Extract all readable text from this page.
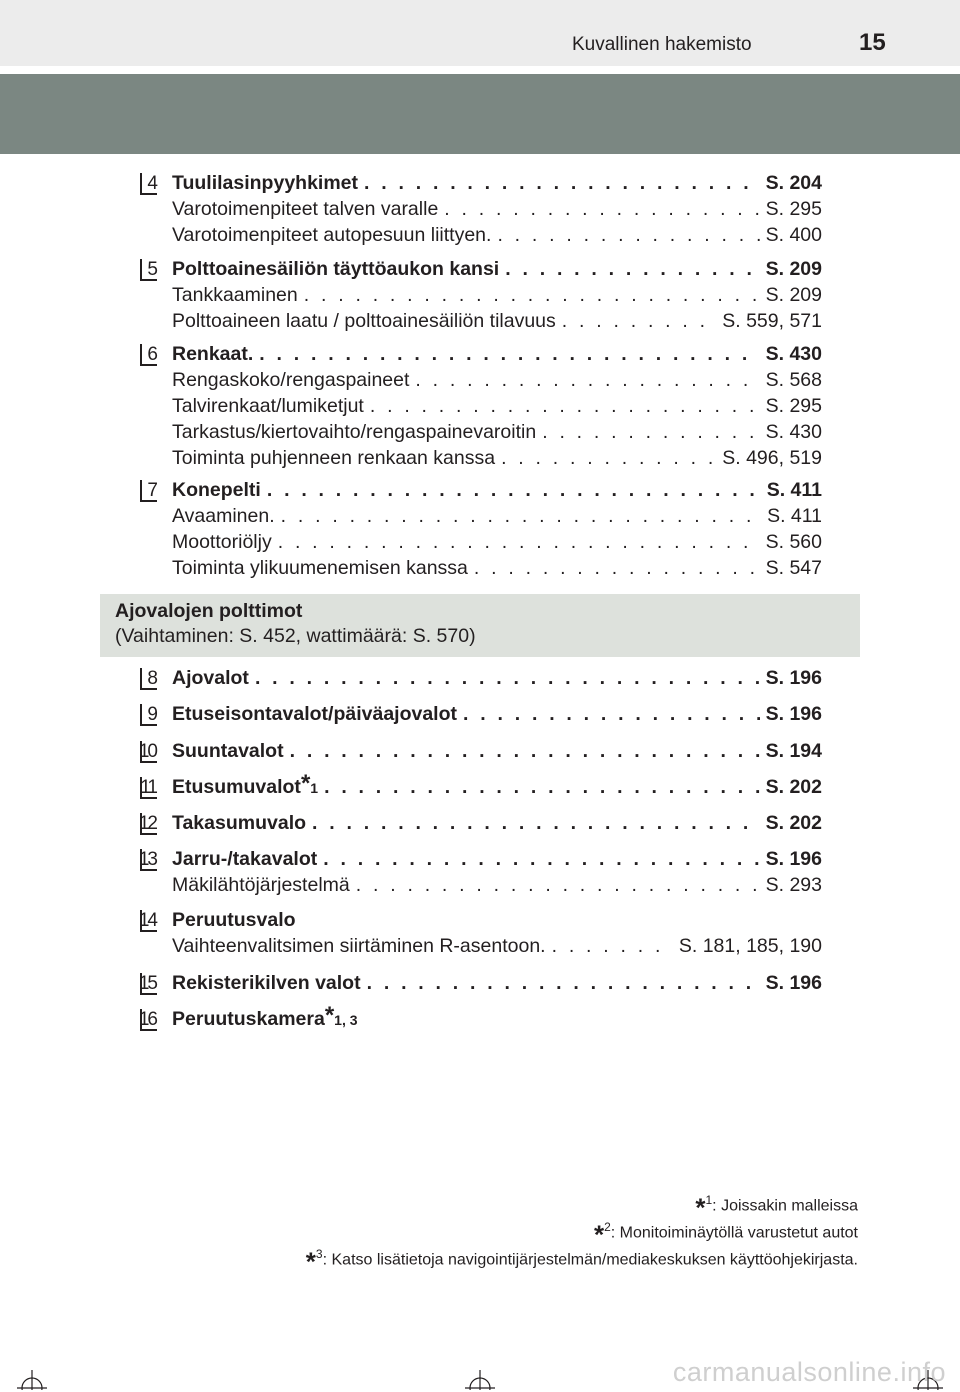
Kuvallinen hakemisto	15
Ajovalojen polttimot
(Vaihtaminen: S. 452, wattimäärä: S. 570)
4 Tuulilasinpyyhkimet . . .	S. 204
Varotoimenpiteet talven varalle . . .	S. 295
Varotoimenpiteet autopesuun liittyen. . . .	S. 400
5 Polttoainesäiliön täyttöaukon kansi . . .	S. 209
Tankkaaminen . . .	S. 209
Polttoaineen laatu / polttoainesäiliön tilavuus . . .	S. 559, 571
6 Renkaat. . . .	S. 430
Rengaskoko/rengaspaineet . . .	S. 568
Talvirenkaat/lumiketjut . . .	S. 295
Tarkastus/kiertovaihto/rengaspainevaroitin . . .	S. 430
Toiminta puhjenneen renkaan kanssa . . .	S. 496, 519
7 Konepelti . . .	S. 411
Avaaminen. . . .	S. 411
Moottoriöljy . . .	S. 560
Toiminta ylikuumenemisen kanssa . . .	S. 547
8 Ajovalot . . .	S. 196
9 Etuseisontavalot/päiväajovalot . . .	S. 196
10 Suuntavalot . . .	S. 194
11 Etusumuvalot $*_1$ . . .	S. 202
12 Takasumuvalo . . .	S. 202
13 Jarru-/takavalot . . .	S. 196
Mäkilähtöjärjestelmä . . .	S. 293
14 Peruutusvalo
Vaihteenvalitsimen siirtäminen R-asentoon. . . .	S. 181, 185, 190
15 Rekisterikilven valot . . .	S. 196
16 Peruutuskamera $*_{1, 3}$
*$^1$: Joissakin malleissa
*$^2$: Monitoiminäytöllä varustetut autot
*$^3$: Katso lisätietoja navigointijärjestelmän/mediakeskuksen käyttöohjekirjasta.
carmanualsonline.info
